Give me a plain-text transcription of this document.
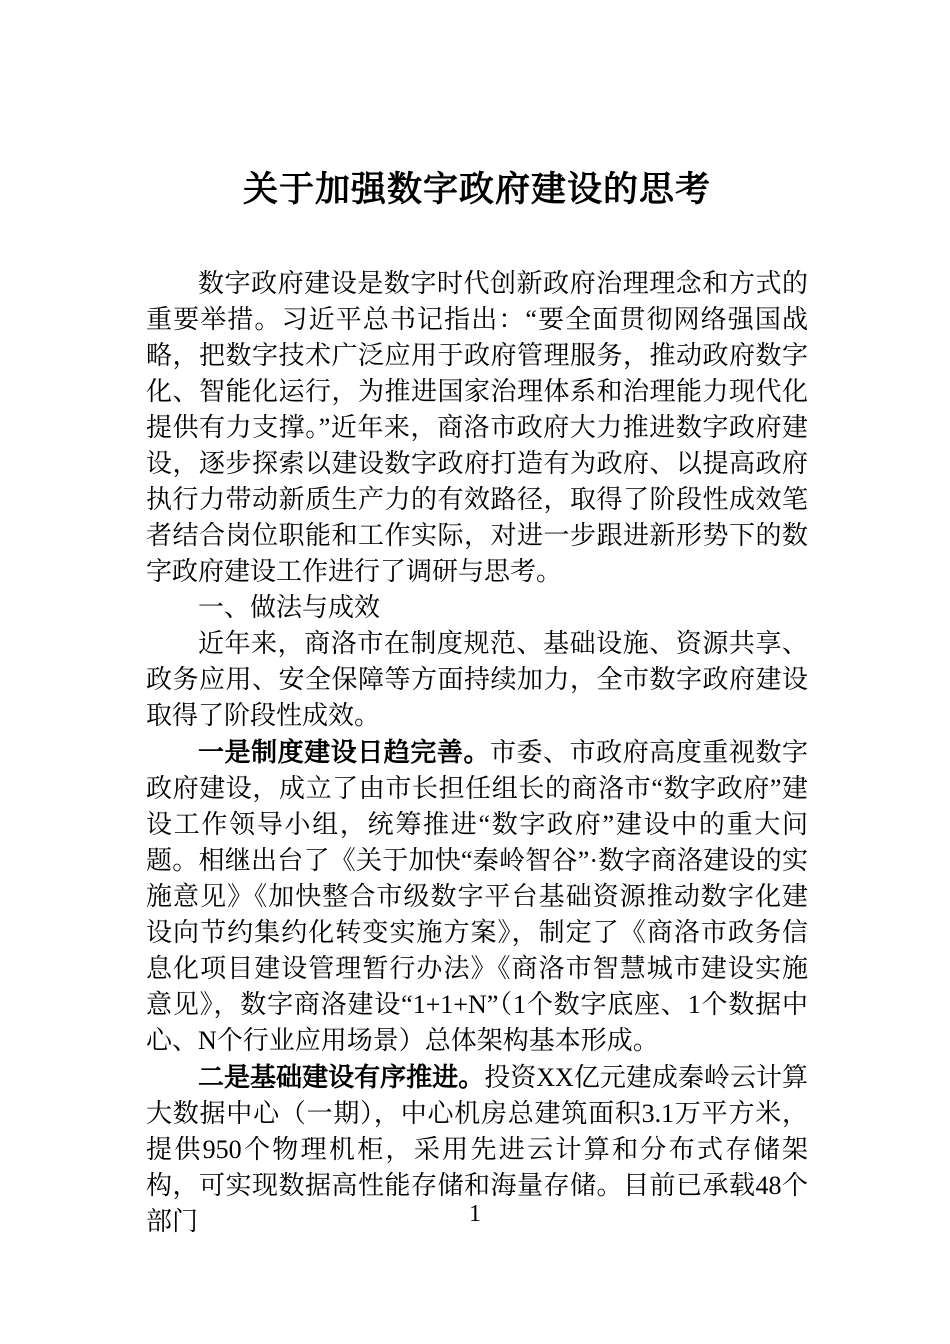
关于加强数字政府建设的思考

数字政府建设是数字时代创新政府治理理念和方式的重要举措。习近平总书记指出：“要全面贯彻网络强国战略，把数字技术广泛应用于政府管理服务，推动政府数字化、智能化运行，为推进国家治理体系和治理能力现代化提供有力支撑。”近年来，商洛市政府大力推进数字政府建设，逐步探索以建设数字政府打造有为政府、以提高政府执行力带动新质生产力的有效路径，取得了阶段性成效笔者结合岗位职能和工作实际，对进一步跟进新形势下的数字政府建设工作进行了调研与思考。

一、做法与成效

近年来，商洛市在制度规范、基础设施、资源共享、政务应用、安全保障等方面持续加力，全市数字政府建设取得了阶段性成效。

一是制度建设日趋完善。市委、市政府高度重视数字政府建设，成立了由市长担任组长的商洛市“数字政府”建设工作领导小组，统筹推进“数字政府”建设中的重大问题。相继出台了《关于加快“秦岭智谷”·数字商洛建设的实施意见》《加快整合市级数字平台基础资源推动数字化建设向节约集约化转变实施方案》，制定了《商洛市政务信息化项目建设管理暂行办法》《商洛市智慧城市建设实施意见》，数字商洛建设“1+1+N”（1个数字底座、1个数据中心、N个行业应用场景）总体架构基本形成。

二是基础建设有序推进。投资XX亿元建成秦岭云计算大数据中心（一期），中心机房总建筑面积3.1万平方米，提供950个物理机柜，采用先进云计算和分布式存储架构，可实现数据高性能存储和海量存储。目前已承载48个部门	1
